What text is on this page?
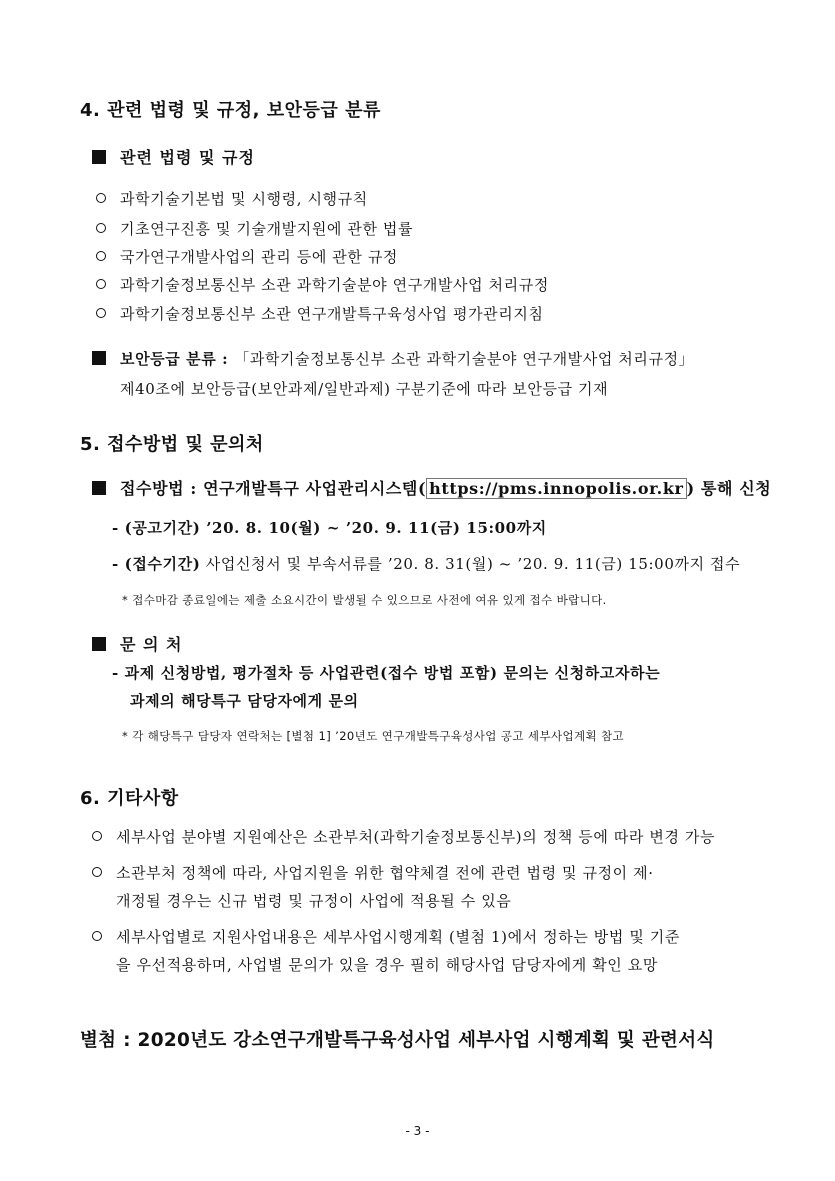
4. 관련 법령 및 규정, 보안등급 분류
관련 법령 및 규정
과학기술기본법 및 시행령, 시행규칙
기초연구진흥 및 기술개발지원에 관한 법률
국가연구개발사업의 관리 등에 관한 규정
과학기술정보통신부 소관 과학기술분야 연구개발사업 처리규정
과학기술정보통신부 소관 연구개발특구육성사업 평가관리지침
보안등급 분류 : 「과학기술정보통신부 소관 과학기술분야 연구개발사업 처리규정」
제40조에 보안등급(보안과제/일반과제) 구분기준에 따라 보안등급 기재
5. 접수방법 및 문의처
접수방법 : 연구개발특구 사업관리시스템( https://pms.innopolis.or.kr ) 통해 신청
- (공고기간) ’20. 8. 10(월) ~ ’20. 9. 11(금) 15:00까지
- (접수기간) 사업신청서 및 부속서류를 ’20. 8. 31(월) ~ ’20. 9. 11(금) 15:00까지 접수
* 접수마감 종료일에는 제출 소요시간이 발생될 수 있으므로 사전에 여유 있게 접수 바랍니다.
문 의 처
- 과제 신청방법, 평가절차 등 사업관련(접수 방법 포함) 문의는 신청하고자하는
과제의 해당특구 담당자에게 문의
* 각 해당특구 담당자 연락처는 [별첨 1] ’20년도 연구개발특구육성사업 공고 세부사업계획 참고
6. 기타사항
세부사업 분야별 지원예산은 소관부처(과학기술정보통신부)의 정책 등에 따라 변경 가능
소관부처 정책에 따라, 사업지원을 위한 협약체결 전에 관련 법령 및 규정이 제·
개정될 경우는 신규 법령 및 규정이 사업에 적용될 수 있음
세부사업별로 지원사업내용은 세부사업시행계획 (별첨 1)에서 정하는 방법 및 기준
을 우선적용하며, 사업별 문의가 있을 경우 필히 해당사업 담당자에게 확인 요망
별첨 : 2020년도 강소연구개발특구육성사업 세부사업 시행계획 및 관련서식
- 3 -
